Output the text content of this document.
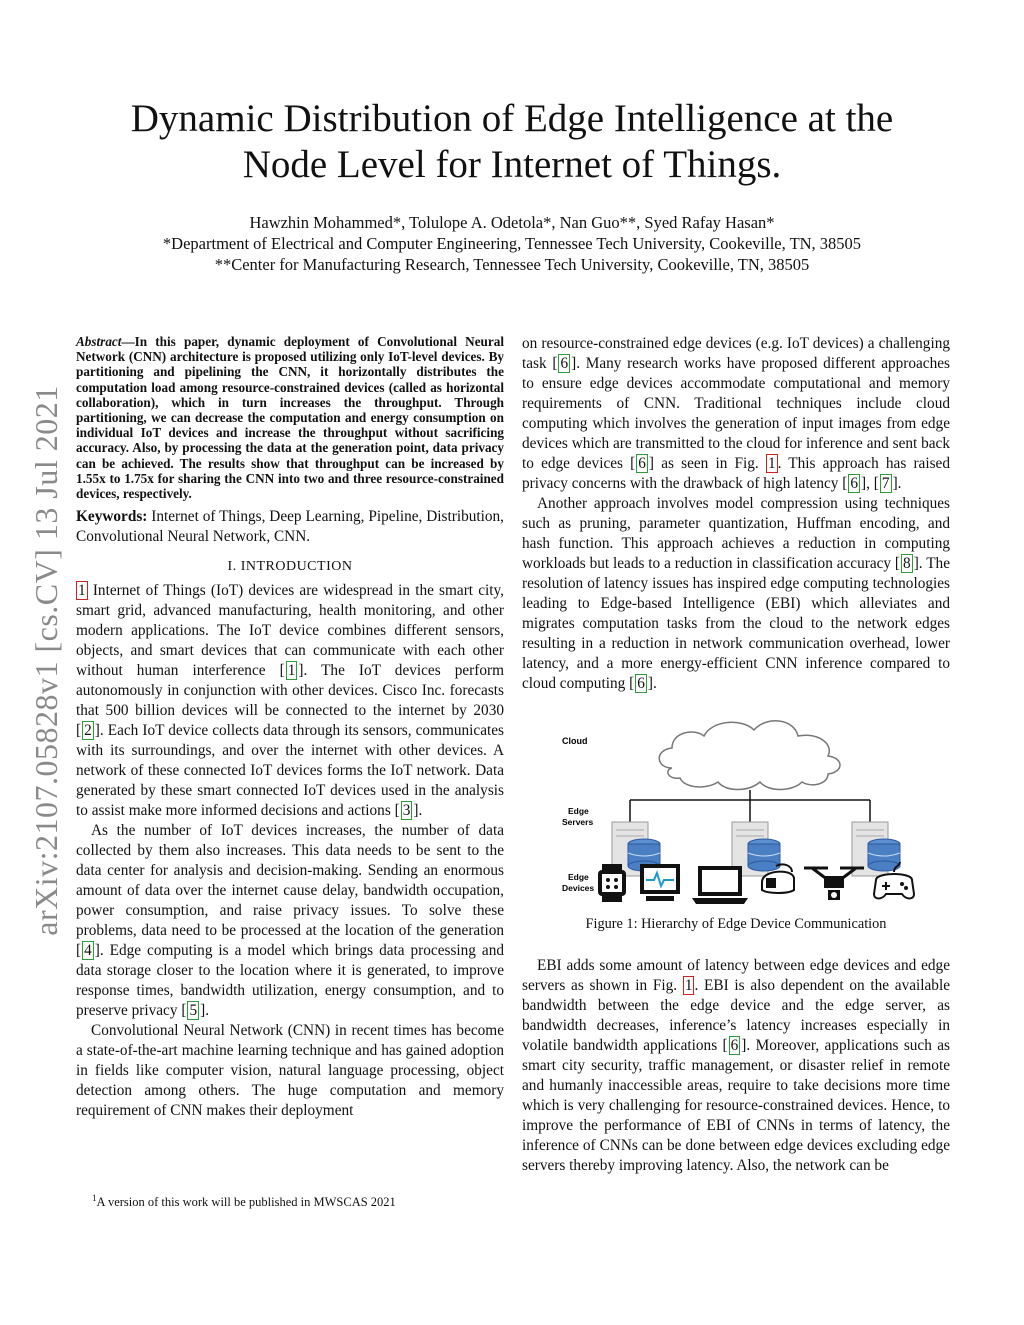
arXiv:2107.05828v1 [cs.CV] 13 Jul 2021
Dynamic Distribution of Edge Intelligence at the
Node Level for Internet of Things.
Hawzhin Mohammed*, Tolulope A. Odetola*, Nan Guo**, Syed Rafay Hasan*
*Department of Electrical and Computer Engineering, Tennessee Tech University, Cookeville, TN, 38505
**Center for Manufacturing Research, Tennessee Tech University, Cookeville, TN, 38505

Abstract—In this paper, dynamic deployment of Convolutional Neural Network (CNN) architecture is proposed utilizing only IoT-level devices. By partitioning and pipelining the CNN, it horizontally distributes the computation load among resource-constrained devices (called as horizontal collaboration), which in turn increases the throughput. Through partitioning, we can decrease the computation and energy consumption on individual IoT devices and increase the throughput without sacrificing accuracy. Also, by processing the data at the generation point, data privacy can be achieved. The results show that throughput can be increased by 1.55x to 1.75x for sharing the CNN into two and three resource-constrained devices, respectively.

Keywords: Internet of Things, Deep Learning, Pipeline, Distribution, Convolutional Neural Network, CNN.

I. INTRODUCTION

1 Internet of Things (IoT) devices are widespread in the smart city, smart grid, advanced manufacturing, health monitoring, and other modern applications. The IoT device combines different sensors, objects, and smart devices that can communicate with each other without human interference [ 1 ]. The IoT devices perform autonomously in conjunction with other devices. Cisco Inc. forecasts that 500 billion devices will be connected to the internet by 2030 [ 2 ]. Each IoT device collects data through its sensors, communicates with its surroundings, and over the internet with other devices. A network of these connected IoT devices forms the IoT network. Data generated by these smart connected IoT devices used in the analysis to assist make more informed decisions and actions [ 3 ].

As the number of IoT devices increases, the number of data collected by them also increases. This data needs to be sent to the data center for analysis and decision-making. Sending an enormous amount of data over the internet cause delay, bandwidth occupation, power consumption, and raise privacy issues. To solve these problems, data need to be processed at the location of the generation [ 4 ]. Edge computing is a model which brings data processing and data storage closer to the location where it is generated, to improve response times, bandwidth utilization, energy consumption, and to preserve privacy [ 5 ].

Convolutional Neural Network (CNN) in recent times has become a state-of-the-art machine learning technique and has gained adoption in fields like computer vision, natural language processing, object detection among others. The huge computation and memory requirement of CNN makes their deployment

$^1$A version of this work will be published in MWSCAS 2021

on resource-constrained edge devices (e.g. IoT devices) a challenging task [ 6 ]. Many research works have proposed different approaches to ensure edge devices accommodate computational and memory requirements of CNN. Traditional techniques include cloud computing which involves the generation of input images from edge devices which are transmitted to the cloud for inference and sent back to edge devices [ 6 ] as seen in Fig. 1 . This approach has raised privacy concerns with the drawback of high latency [ 6 ], [ 7 ].

Another approach involves model compression using techniques such as pruning, parameter quantization, Huffman encoding, and hash function. This approach achieves a reduction in computing workloads but leads to a reduction in classification accuracy [ 8 ]. The resolution of latency issues has inspired edge computing technologies leading to Edge-based Intelligence (EBI) which alleviates and migrates computation tasks from the cloud to the network edges resulting in a reduction in network communication overhead, lower latency, and a more energy-efficient CNN inference compared to cloud computing [ 6 ].

Cloud
Edge
Servers
Edge
Devices
Figure 1: Hierarchy of Edge Device Communication

EBI adds some amount of latency between edge devices and edge servers as shown in Fig. 1 . EBI is also dependent on the available bandwidth between the edge device and the edge server, as bandwidth decreases, inference’s latency increases especially in volatile bandwidth applications [ 6 ]. Moreover, applications such as smart city security, traffic management, or disaster relief in remote and humanly inaccessible areas, require to take decisions more time which is very challenging for resource-constrained devices. Hence, to improve the performance of EBI of CNNs in terms of latency, the inference of CNNs can be done between edge devices excluding edge servers thereby improving latency. Also, the network can be
